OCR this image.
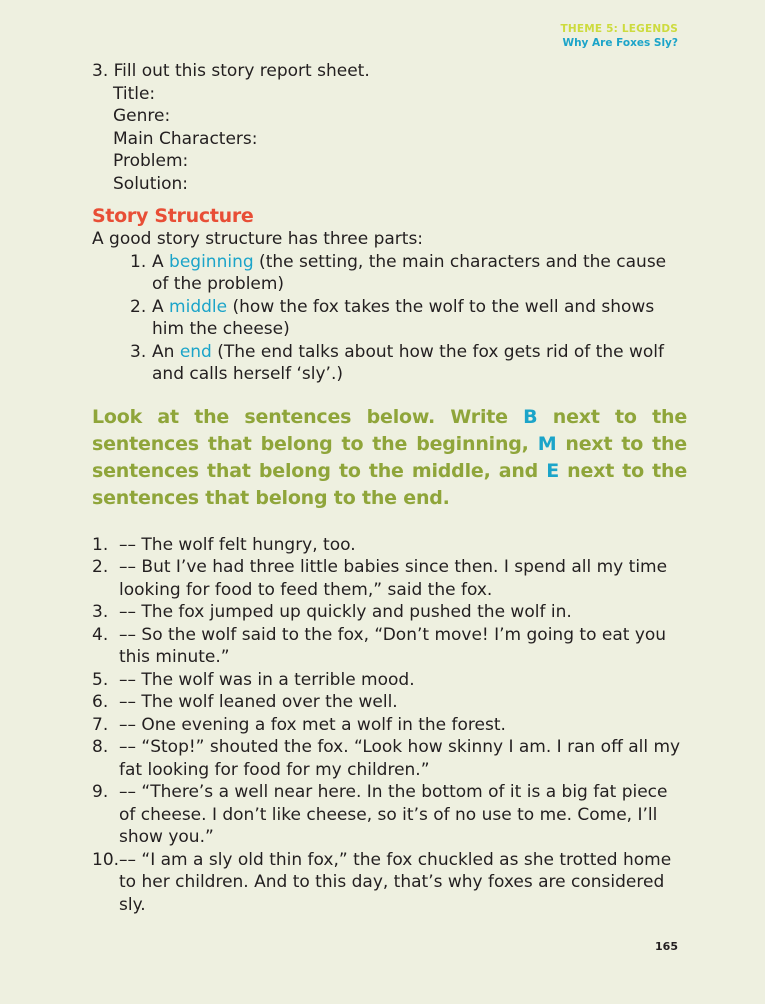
THEME 5: LEGENDS
Why Are Foxes Sly?
3. Fill out this story report sheet.
Title:
Genre:
Main Characters:
Problem:
Solution:
Story Structure
A good story structure has three parts:
1. A beginning (the setting, the main characters and the cause of the problem)
2. A middle (how the fox takes the wolf to the well and shows him the cheese)
3. An end (The end talks about how the fox gets rid of the wolf and calls herself ‘sly’.)
Look at the sentences below. Write B next to the sentences that belong to the beginning, M next to the sentences that belong to the middle, and E next to the sentences that belong to the end.
1. –– The wolf felt hungry, too.
2. –– But I’ve had three little babies since then. I spend all my time looking for food to feed them,” said the fox.
3. –– The fox jumped up quickly and pushed the wolf in.
4. –– So the wolf said to the fox, “Don’t move! I’m going to eat you this minute.”
5. –– The wolf was in a terrible mood.
6. –– The wolf leaned over the well.
7. –– One evening a fox met a wolf in the forest.
8. –– “Stop!” shouted the fox. “Look how skinny I am. I ran off all my fat looking for food for my children.”
9. –– “There’s a well near here. In the bottom of it is a big fat piece of cheese. I don’t like cheese, so it’s of no use to me. Come, I’ll show you.”
10. –– “I am a sly old thin fox,” the fox chuckled as she trotted home to her children. And to this day, that’s why foxes are considered sly.
165
